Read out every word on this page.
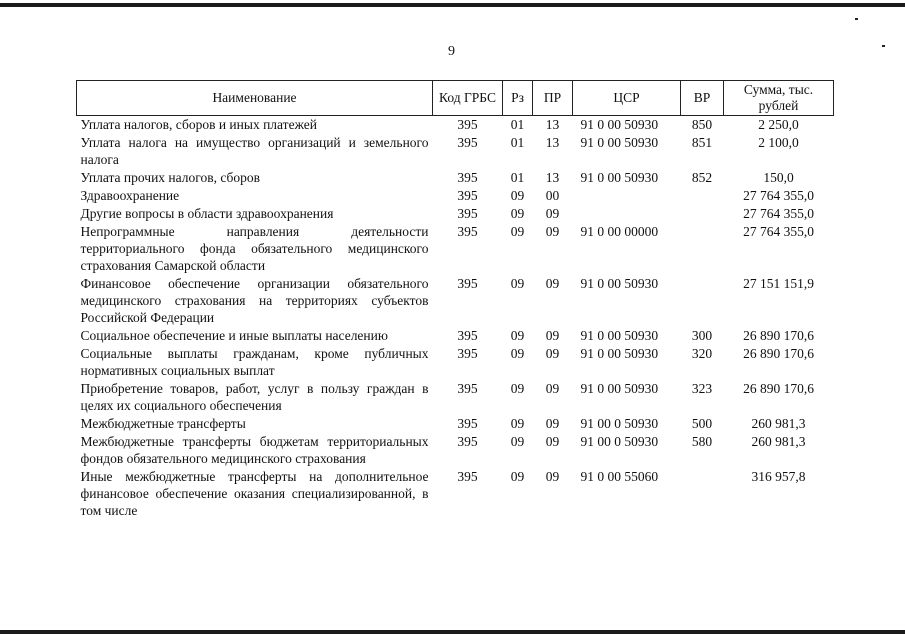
9
Наименование	Код ГРБС	Рз	ПР	ЦСР	ВР	Сумма, тыс. рублей
Уплата налогов, сборов и иных платежей	395	01	13	91 0 00 50930	850	2 250,0
Уплата налога на имущество организаций и земельного налога	395	01	13	91 0 00 50930	851	2 100,0
Уплата прочих налогов, сборов	395	01	13	91 0 00 50930	852	150,0
Здравоохранение	395	09	00			27 764 355,0
Другие вопросы в области здравоохранения	395	09	09			27 764 355,0
Непрограммные направления деятельности территориального фонда обязательного медицинского страхования Самарской области	395	09	09	91 0 00 00000		27 764 355,0
Финансовое обеспечение организации обязательного медицинского страхования на территориях субъектов Российской Федерации	395	09	09	91 0 00 50930		27 151 151,9
Социальное обеспечение и иные выплаты населению	395	09	09	91 0 00 50930	300	26 890 170,6
Социальные выплаты гражданам, кроме публичных нормативных социальных выплат	395	09	09	91 0 00 50930	320	26 890 170,6
Приобретение товаров, работ, услуг в пользу граждан в целях их социального обеспечения	395	09	09	91 0 00 50930	323	26 890 170,6
Межбюджетные трансферты	395	09	09	91 00 0 50930	500	260 981,3
Межбюджетные трансферты бюджетам территориальных фондов обязательного медицинского страхования	395	09	09	91 00 0 50930	580	260 981,3
Иные межбюджетные трансферты на дополнительное финансовое обеспечение оказания специализированной, в том числе	395	09	09	91 0 00 55060		316 957,8
